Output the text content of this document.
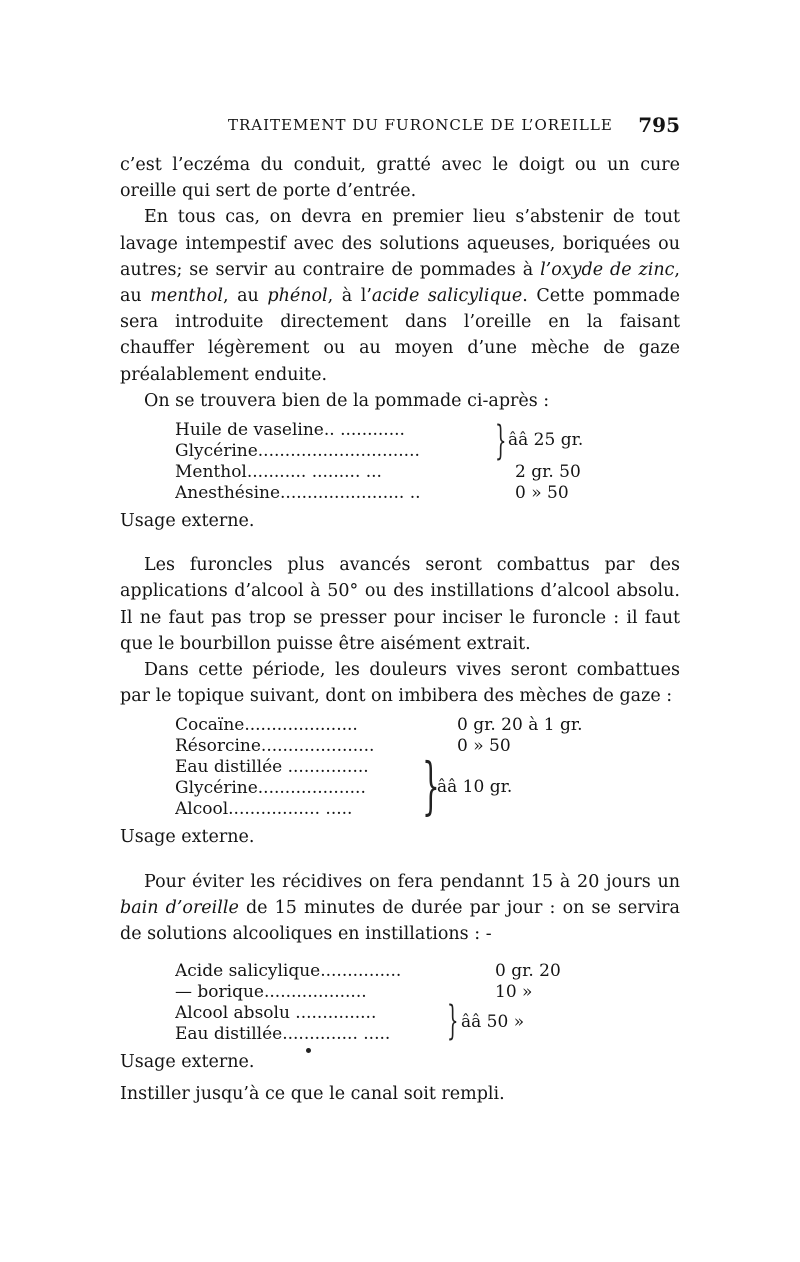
TRAITEMENT DU FURONCLE DE L’OREILLE 795

c’est l’eczéma du conduit, gratté avec le doigt ou un cure oreille qui sert de porte d’entrée.

En tous cas, on devra en premier lieu s’abstenir de tout lavage intempestif avec des solutions aqueuses, boriquées ou autres; se servir au contraire de pommades à l’oxyde de zinc, au menthol, au phénol, à l’acide salicylique. Cette pommade sera introduite directement dans l’oreille en la faisant chauffer légèrement ou au moyen d’une mèche de gaze préalablement enduite.

On se trouvera bien de la pommade ci-après :

Huile de vaseline.. ............
Glycérine..............................
Menthol........... ......... ...	2 gr. 50
Anesthésine....................... ..	0 » 50
} ââ 25 gr.

Usage externe.

Les furoncles plus avancés seront combattus par des applications d’alcool à 50° ou des instillations d’alcool absolu. Il ne faut pas trop se presser pour inciser le furoncle : il faut que le bourbillon puisse être aisément extrait.

Dans cette période, les douleurs vives seront combattues par le topique suivant, dont on imbibera des mèches de gaze :

Cocaïne.....................	0 gr. 20 à 1 gr.
Résorcine.....................	0 » 50
Eau distillée ...............
Glycérine....................
Alcool................. .....	}
ââ 10 gr.

Usage externe.

Pour éviter les récidives on fera pendannt 15 à 20 jours un bain d’oreille de 15 minutes de durée par jour : on se servira de solutions alcooliques en instillations : -

Acide salicylique...............	0 gr. 20
— borique...................	10 »
Alcool absolu ...............
Eau distillée.............. .....	} ââ 50 »

Usage externe.

Instiller jusqu’à ce que le canal soit rempli.
